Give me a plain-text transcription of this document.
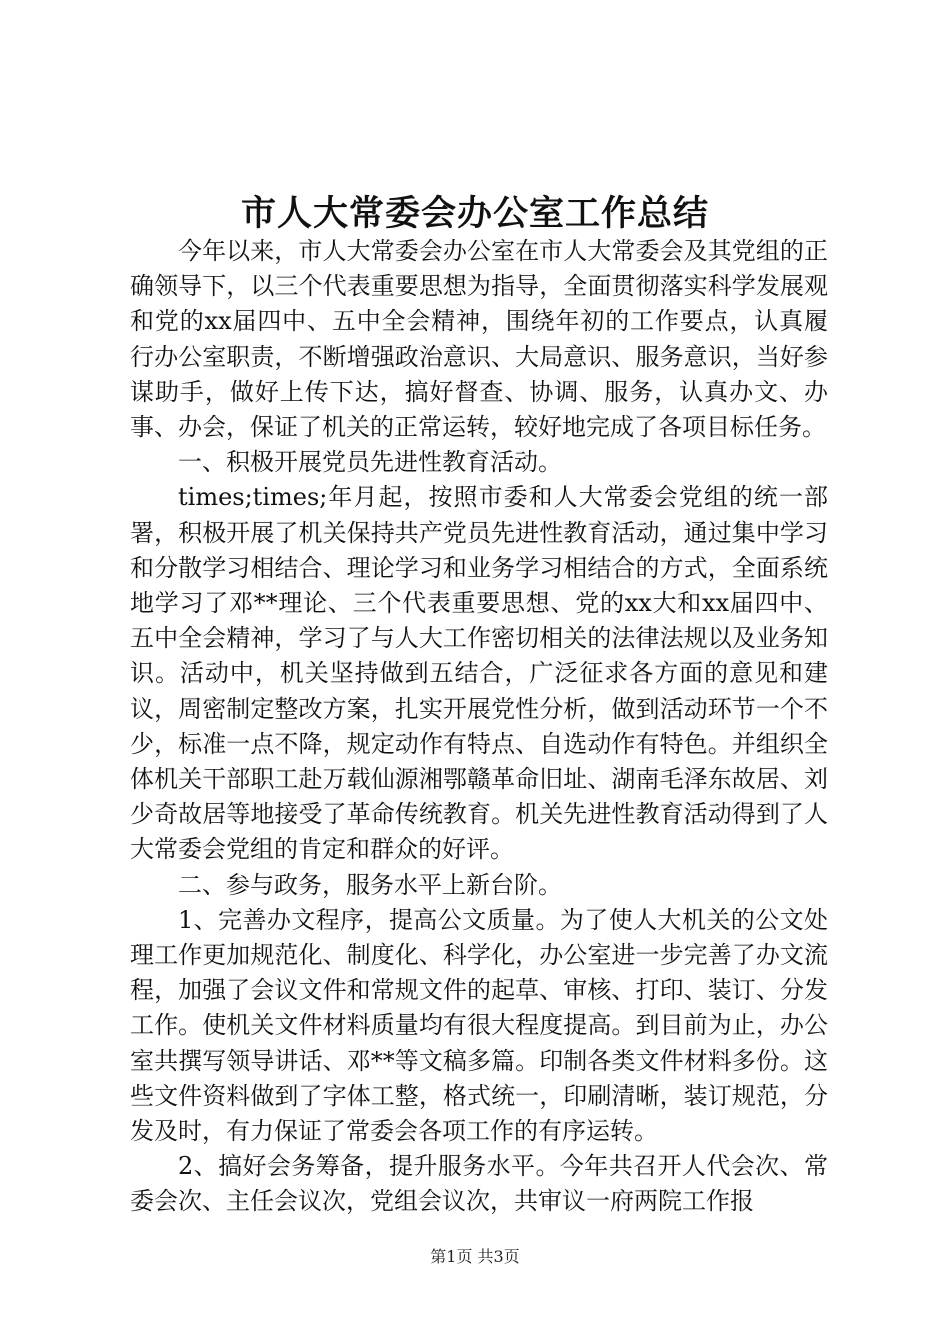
市人大常委会办公室工作总结

今年以来，市人大常委会办公室在市人大常委会及其党组的正确领导下，以三个代表重要思想为指导，全面贯彻落实科学发展观和党的xx届四中、五中全会精神，围绕年初的工作要点，认真履行办公室职责，不断增强政治意识、大局意识、服务意识，当好参谋助手，做好上传下达，搞好督查、协调、服务，认真办文、办事、办会，保证了机关的正常运转，较好地完成了各项目标任务。

一、积极开展党员先进性教育活动。

times;times;年月起，按照市委和人大常委会党组的统一部署，积极开展了机关保持共产党员先进性教育活动，通过集中学习和分散学习相结合、理论学习和业务学习相结合的方式，全面系统地学习了邓**理论、三个代表重要思想、党的xx大和xx届四中、五中全会精神，学习了与人大工作密切相关的法律法规以及业务知识。活动中，机关坚持做到五结合，广泛征求各方面的意见和建议，周密制定整改方案，扎实开展党性分析，做到活动环节一个不少，标准一点不降，规定动作有特点、自选动作有特色。并组织全体机关干部职工赴万载仙源湘鄂赣革命旧址、湖南毛泽东故居、刘少奇故居等地接受了革命传统教育。机关先进性教育活动得到了人大常委会党组的肯定和群众的好评。

二、参与政务，服务水平上新台阶。

1、完善办文程序，提高公文质量。为了使人大机关的公文处理工作更加规范化、制度化、科学化，办公室进一步完善了办文流程，加强了会议文件和常规文件的起草、审核、打印、装订、分发工作。使机关文件材料质量均有很大程度提高。到目前为止，办公室共撰写领导讲话、邓**等文稿多篇。印制各类文件材料多份。这些文件资料做到了字体工整，格式统一，印刷清晰，装订规范，分发及时，有力保证了常委会各项工作的有序运转。

2、搞好会务筹备，提升服务水平。今年共召开人代会次、常委会次、主任会议次，党组会议次，共审议一府两院工作报

第1页 共3页
